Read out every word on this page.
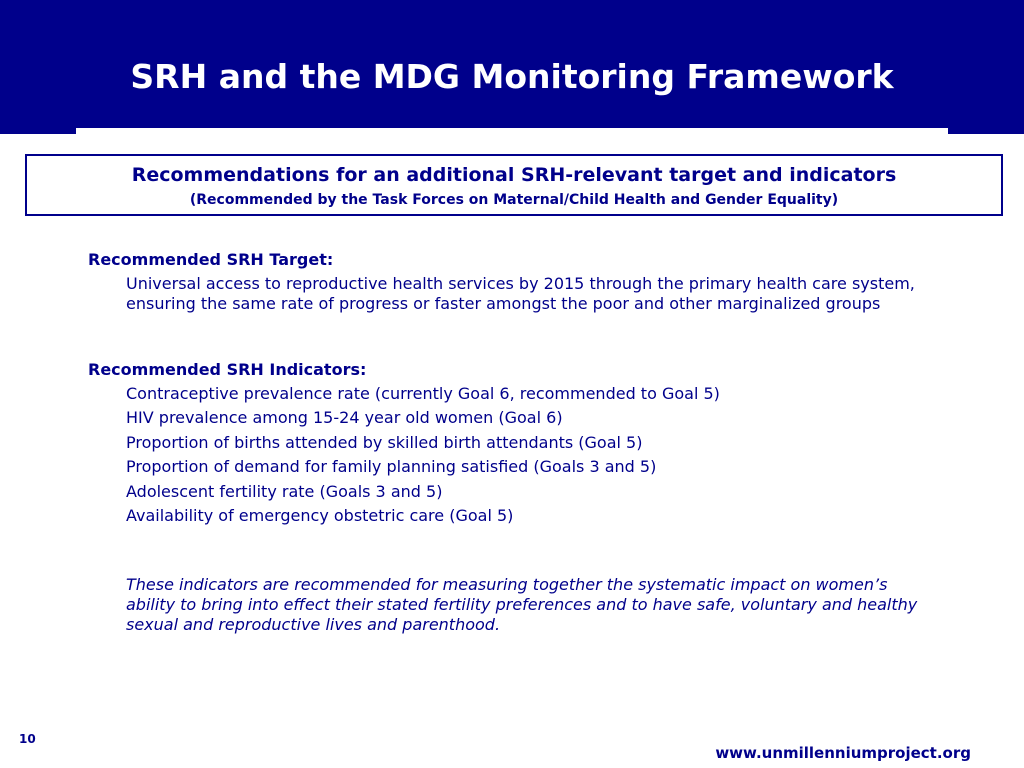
SRH and the MDG Monitoring Framework
Recommendations for an additional SRH-relevant target and indicators
(Recommended by the Task Forces on Maternal/Child Health and Gender Equality)
Recommended SRH Target:
Universal access to reproductive health services by 2015 through the primary health care system, ensuring the same rate of progress or faster amongst the poor and other marginalized groups
Recommended SRH Indicators:
Contraceptive prevalence rate (currently Goal 6, recommended to Goal 5)
HIV prevalence among 15-24 year old women (Goal 6)
Proportion of births attended by skilled birth attendants (Goal 5)
Proportion of demand for family planning satisfied (Goals 3 and 5)
Adolescent fertility rate (Goals 3 and 5)
Availability of emergency obstetric care (Goal 5)
These indicators are recommended for measuring together the systematic impact on women’s ability to bring into effect their stated fertility preferences and to have safe, voluntary and healthy sexual and reproductive lives and parenthood.
10
www.unmillenniumproject.org
